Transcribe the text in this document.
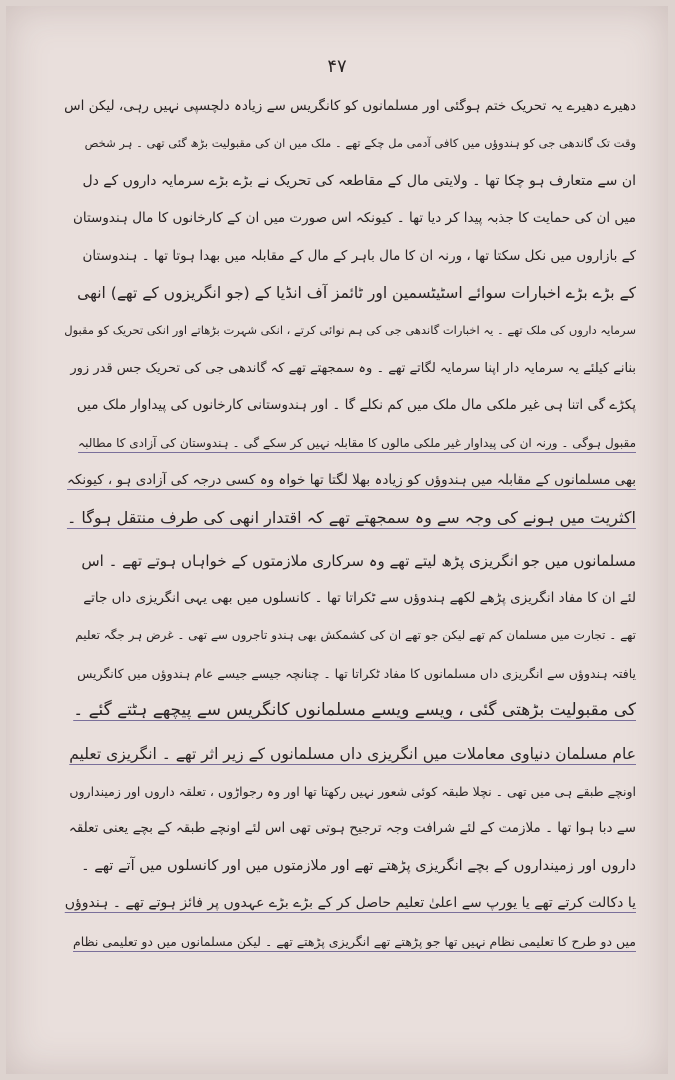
۴۷
دھیرے دھیرے یہ تحریک ختم ہوگئی اور مسلمانوں کو کانگریس سے زیادہ دلچسپی نہیں رہی، لیکن اس
وقت تک گاندھی جی کو ہندوؤں میں کافی آدمی مل چکے تھے ۔ ملک میں ان کی مقبولیت بڑھ گئی تھی ۔ ہر شخص
ان سے متعارف ہو چکا تھا ۔ ولایتی مال کے مقاطعہ کی تحریک نے بڑے بڑے سرمایہ داروں کے دل
میں ان کی حمایت کا جذبہ پیدا کر دیا تھا ۔ کیونکہ اس صورت میں ان کے کارخانوں کا مال ہندوستان
کے بازاروں میں نکل سکتا تھا ، ورنہ ان کا مال باہر کے مال کے مقابلہ میں بھدا ہوتا تھا ۔ ہندوستان
کے بڑے بڑے اخبارات سوائے اسٹیٹسمین اور ٹائمز آف انڈیا کے (جو انگریزوں کے تھے) انھی
سرمایہ داروں کی ملک تھے ۔ یہ اخبارات گاندھی جی کی ہم نوائی کرتے ، انکی شہرت بڑھاتے اور انکی تحریک کو مقبول
بنانے کیلئے یہ سرمایہ دار اپنا سرمایہ لگاتے تھے ۔ وہ سمجھتے تھے کہ گاندھی جی کی تحریک جس قدر زور
پکڑے گی اتنا ہی غیر ملکی مال ملک میں کم نکلے گا ۔ اور ہندوستانی کارخانوں کی پیداوار ملک میں
مقبول ہوگی ۔ ورنہ ان کی پیداوار غیر ملکی مالوں کا مقابلہ نہیں کر سکے گی ۔ ہندوستان کی آزادی کا مطالبہ
بھی مسلمانوں کے مقابلہ میں ہندوؤں کو زیادہ بھلا لگتا تھا خواہ وہ کسی درجہ کی آزادی ہو ، کیونکہ
اکثریت میں ہونے کی وجہ سے وہ سمجھتے تھے کہ اقتدار انھی کی طرف منتقل ہوگا ۔
مسلمانوں میں جو انگریزی پڑھ لیتے تھے وہ سرکاری ملازمتوں کے خواہاں ہوتے تھے ۔ اس
لئے ان کا مفاد انگریزی پڑھے لکھے ہندوؤں سے ٹکراتا تھا ۔ کانسلوں میں بھی یہی انگریزی داں جاتے
تھے ۔ تجارت میں مسلمان کم تھے لیکن جو تھے ان کی کشمکش بھی ہندو تاجروں سے تھی ۔ غرض ہر جگہ تعلیم
یافتہ ہندوؤں سے انگریزی داں مسلمانوں کا مفاد ٹکراتا تھا ۔ چنانچہ جیسے جیسے عام ہندوؤں میں کانگریس
کی مقبولیت بڑھتی گئی ، ویسے ویسے مسلمانوں کانگریس سے پیچھے ہٹتے گئے ۔
عام مسلمان دنیاوی معاملات میں انگریزی داں مسلمانوں کے زیر اثر تھے ۔ انگریزی تعلیم
اونچے طبقے ہی میں تھی ۔ نچلا طبقہ کوئی شعور نہیں رکھتا تھا اور وہ رجواڑوں ، تعلقہ داروں اور زمینداروں
سے دبا ہوا تھا ۔ ملازمت کے لئے شرافت وجہ ترجیح ہوتی تھی اس لئے اونچے طبقہ کے بچے یعنی تعلقہ
داروں اور زمینداروں کے بچے انگریزی پڑھتے تھے اور ملازمتوں میں اور کانسلوں میں آتے تھے ۔
یا دکالت کرتے تھے یا یورپ سے اعلیٰ تعلیم حاصل کر کے بڑے بڑے عہدوں پر فائز ہوتے تھے ۔ ہندوؤں
میں دو طرح کا تعلیمی نظام نہیں تھا جو پڑھتے تھے انگریزی پڑھتے تھے ۔ لیکن مسلمانوں میں دو تعلیمی نظام
